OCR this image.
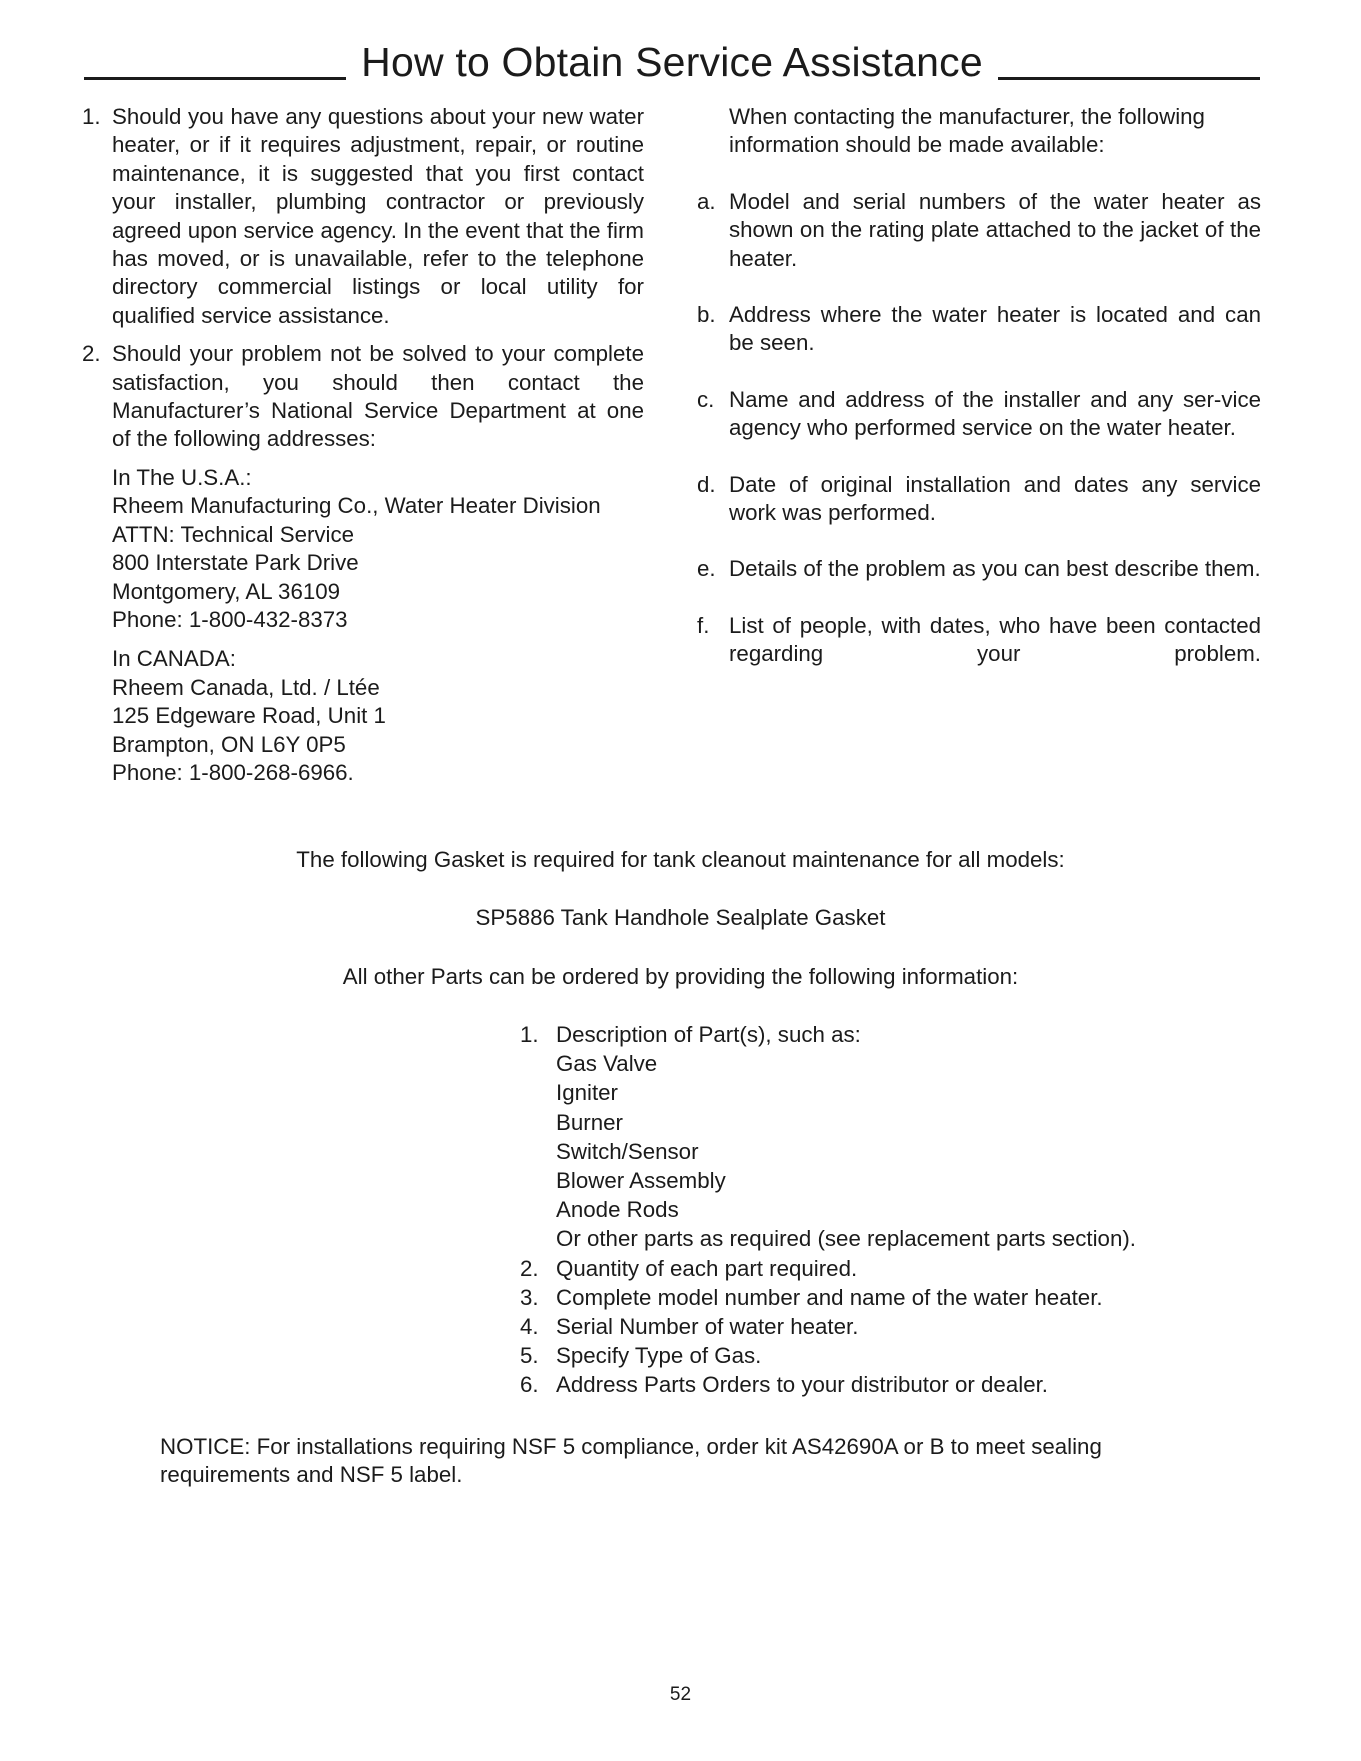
How to Obtain Service Assistance
1. Should you have any questions about your new water heater, or if it requires adjustment, repair, or routine maintenance, it is suggested that you first contact your installer, plumbing contractor or previously agreed upon service agency. In the event that the firm has moved, or is unavailable, refer to the telephone directory commercial listings or local utility for qualified service assistance.
2. Should your problem not be solved to your complete satisfaction, you should then contact the Manufacturer’s National Service Department at one of the following addresses:
In The U.S.A.:
Rheem Manufacturing Co., Water Heater Division
ATTN: Technical Service
800 Interstate Park Drive
Montgomery, AL 36109
Phone: 1-800-432-8373
In CANADA:
Rheem Canada, Ltd. / Ltée
125 Edgeware Road, Unit 1
Brampton, ON L6Y 0P5
Phone: 1-800-268-6966.
When contacting the manufacturer, the following information should be made available:
a. Model and serial numbers of the water heater as shown on the rating plate attached to the jacket of the heater.
b. Address where the water heater is located and can be seen.
c. Name and address of the installer and any ser-vice agency who performed service on the water heater.
d. Date of original installation and dates any service work was performed.
e. Details of the problem as you can best describe them.
f. List of people, with dates, who have been contacted regarding your problem.
The following Gasket is required for tank cleanout maintenance for all models:
SP5886 Tank Handhole Sealplate Gasket
All other Parts can be ordered by providing the following information:
1. Description of Part(s), such as:
Gas Valve
Igniter
Burner
Switch/Sensor
Blower Assembly
Anode Rods
Or other parts as required (see replacement parts section).
2. Quantity of each part required.
3. Complete model number and name of the water heater.
4. Serial Number of water heater.
5. Specify Type of Gas.
6. Address Parts Orders to your distributor or dealer.
NOTICE: For installations requiring NSF 5 compliance, order kit AS42690A or B to meet sealing
requirements and NSF 5 label.
52
